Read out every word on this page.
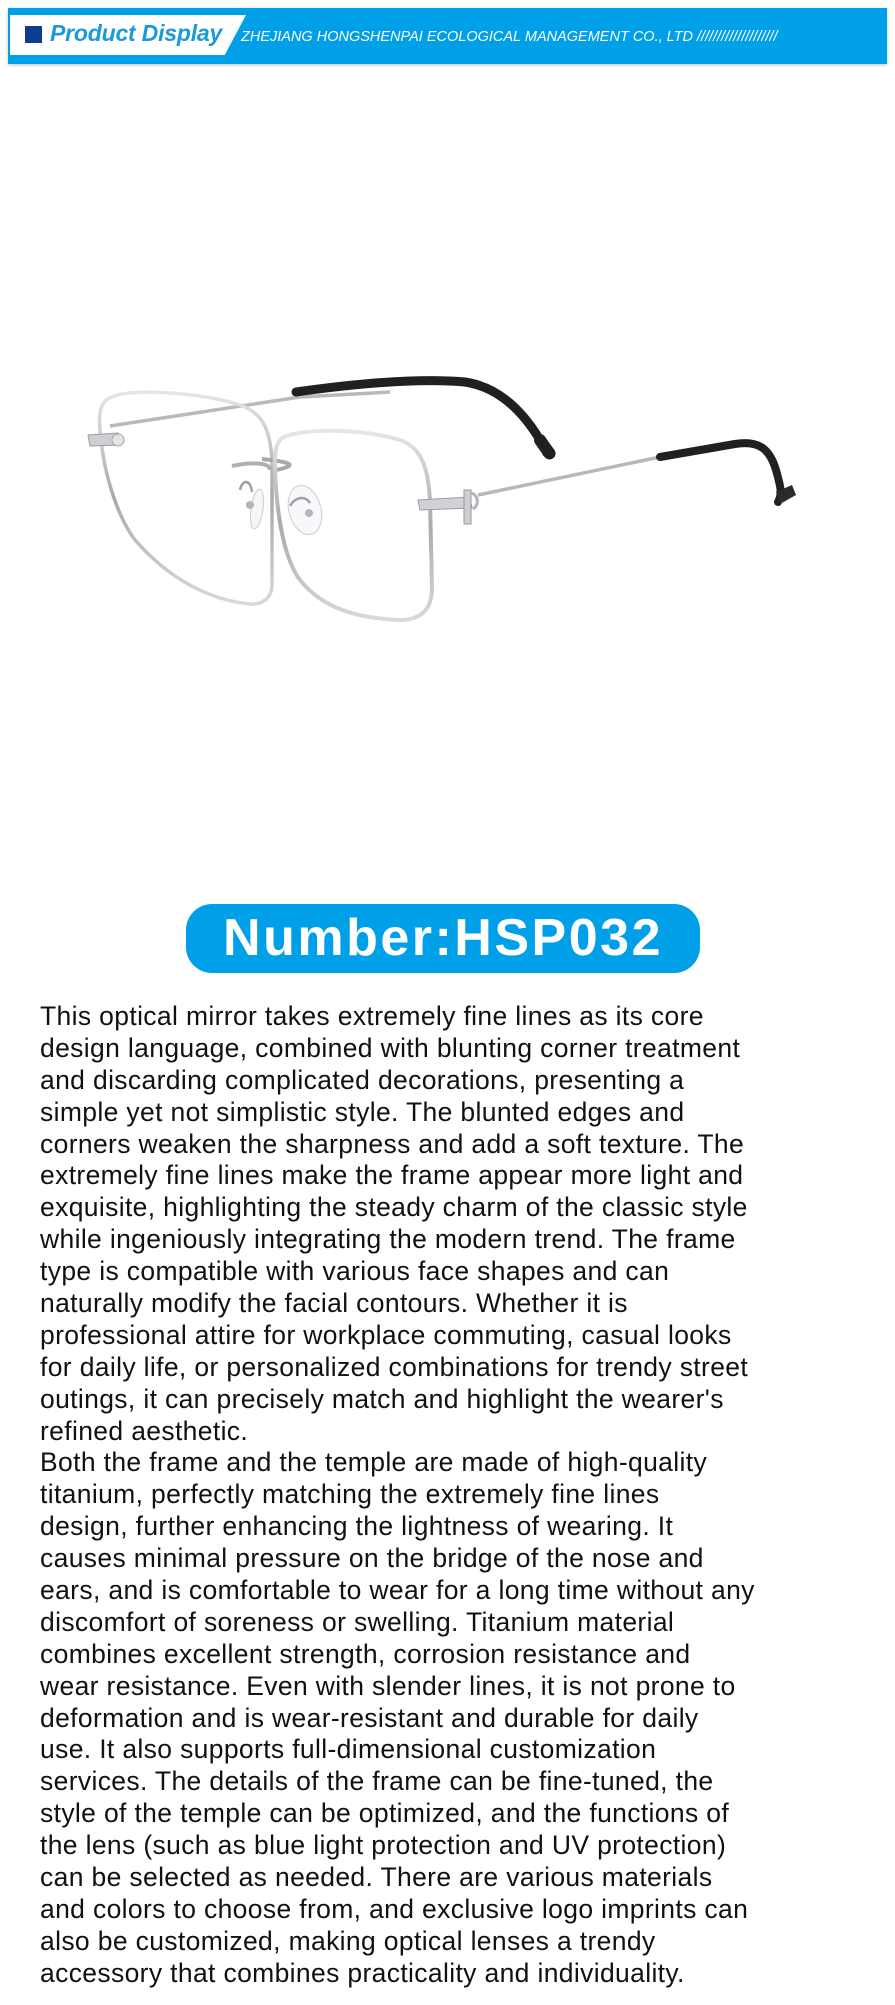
Product Display ZHEJIANG HONGSHENPAI ECOLOGICAL MANAGEMENT CO., LTD ////////////////////
Number:HSP032
This optical mirror takes extremely fine lines as its core
design language, combined with blunting corner treatment
and discarding complicated decorations, presenting a
simple yet not simplistic style. The blunted edges and
corners weaken the sharpness and add a soft texture. The
extremely fine lines make the frame appear more light and
exquisite, highlighting the steady charm of the classic style
while ingeniously integrating the modern trend. The frame
type is compatible with various face shapes and can
naturally modify the facial contours. Whether it is
professional attire for workplace commuting, casual looks
for daily life, or personalized combinations for trendy street
outings, it can precisely match and highlight the wearer's
refined aesthetic.
Both the frame and the temple are made of high-quality
titanium, perfectly matching the extremely fine lines
design, further enhancing the lightness of wearing. It
causes minimal pressure on the bridge of the nose and
ears, and is comfortable to wear for a long time without any
discomfort of soreness or swelling. Titanium material
combines excellent strength, corrosion resistance and
wear resistance. Even with slender lines, it is not prone to
deformation and is wear-resistant and durable for daily
use. It also supports full-dimensional customization
services. The details of the frame can be fine-tuned, the
style of the temple can be optimized, and the functions of
the lens (such as blue light protection and UV protection)
can be selected as needed. There are various materials
and colors to choose from, and exclusive logo imprints can
also be customized, making optical lenses a trendy
accessory that combines practicality and individuality.
